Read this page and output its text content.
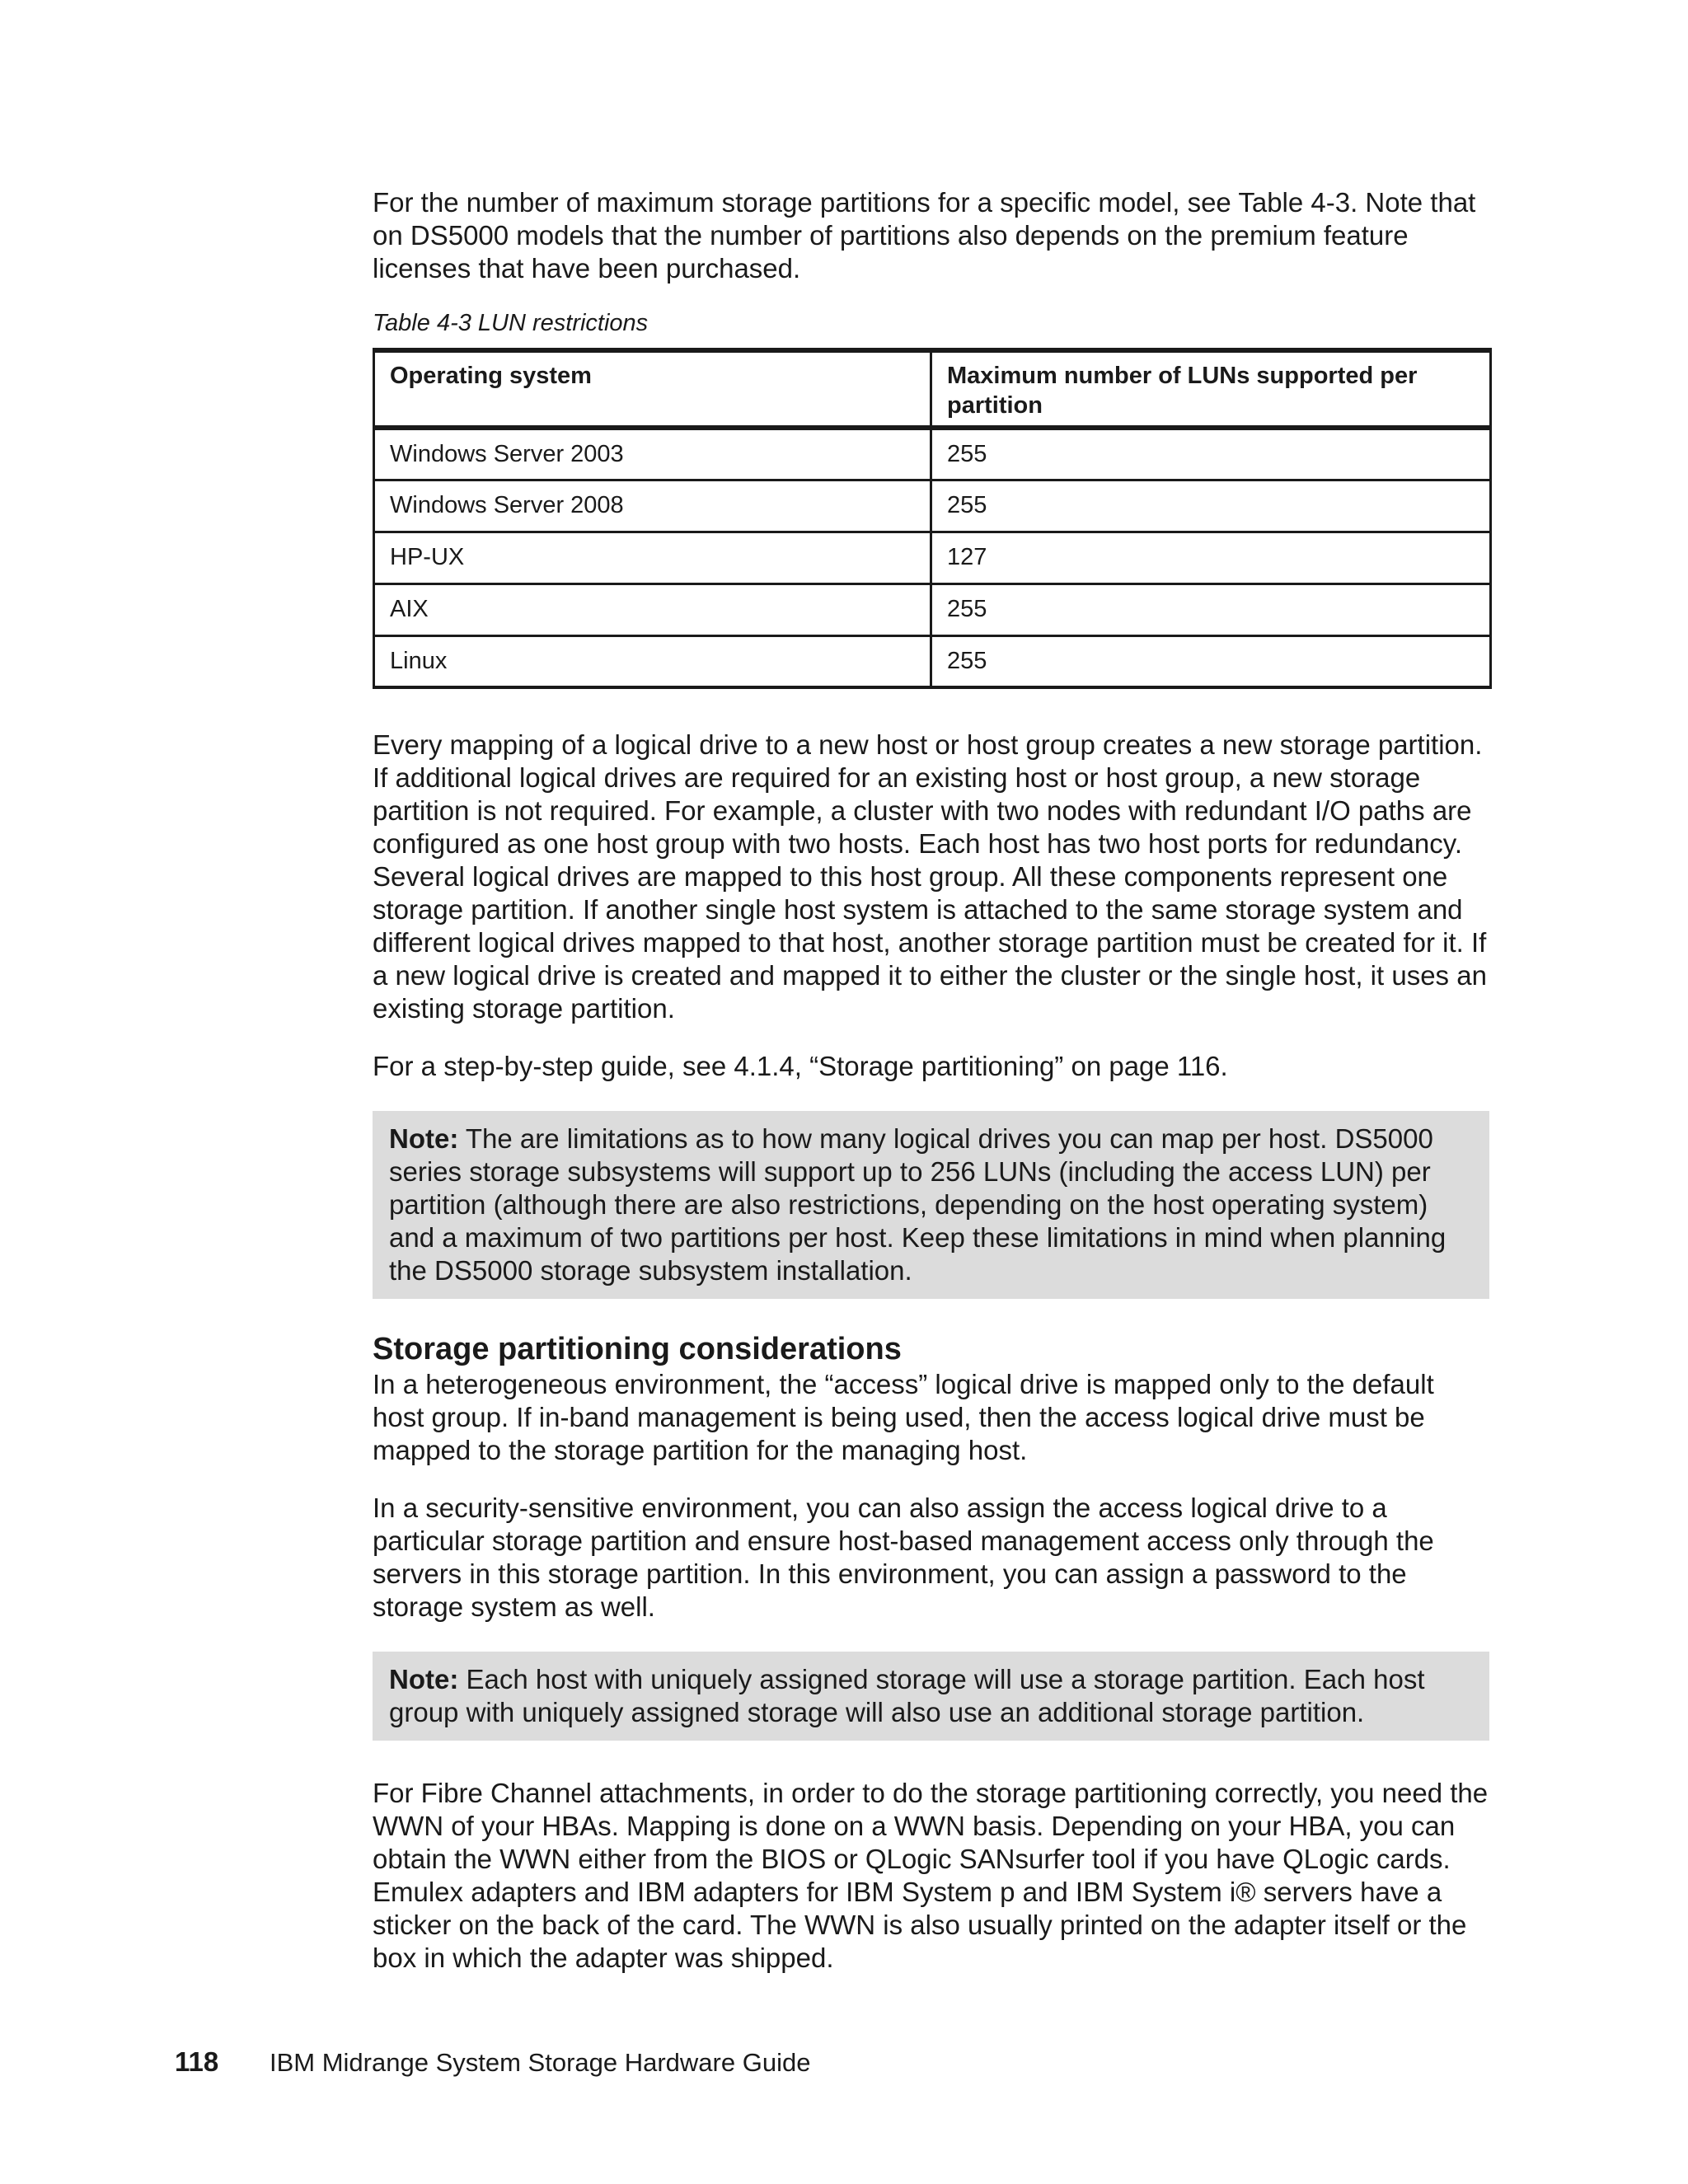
For the number of maximum storage partitions for a specific model, see Table 4-3. Note that on DS5000 models that the number of partitions also depends on the premium feature licenses that have been purchased.

Table 4-3 LUN restrictions

Operating system	Maximum number of LUNs supported per partition
Windows Server 2003	255
Windows Server 2008	255
HP-UX	127
AIX	255
Linux	255

Every mapping of a logical drive to a new host or host group creates a new storage partition. If additional logical drives are required for an existing host or host group, a new storage partition is not required. For example, a cluster with two nodes with redundant I/O paths are configured as one host group with two hosts. Each host has two host ports for redundancy. Several logical drives are mapped to this host group. All these components represent one storage partition. If another single host system is attached to the same storage system and different logical drives mapped to that host, another storage partition must be created for it. If a new logical drive is created and mapped it to either the cluster or the single host, it uses an existing storage partition.

For a step-by-step guide, see 4.1.4, “Storage partitioning” on page 116.

Note: The are limitations as to how many logical drives you can map per host. DS5000 series storage subsystems will support up to 256 LUNs (including the access LUN) per partition (although there are also restrictions, depending on the host operating system) and a maximum of two partitions per host. Keep these limitations in mind when planning the DS5000 storage subsystem installation.
Storage partitioning considerations

In a heterogeneous environment, the “access” logical drive is mapped only to the default host group. If in-band management is being used, then the access logical drive must be mapped to the storage partition for the managing host.

In a security-sensitive environment, you can also assign the access logical drive to a particular storage partition and ensure host-based management access only through the servers in this storage partition. In this environment, you can assign a password to the storage system as well.

Note: Each host with uniquely assigned storage will use a storage partition. Each host group with uniquely assigned storage will also use an additional storage partition.

For Fibre Channel attachments, in order to do the storage partitioning correctly, you need the WWN of your HBAs. Mapping is done on a WWN basis. Depending on your HBA, you can obtain the WWN either from the BIOS or QLogic SANsurfer tool if you have QLogic cards. Emulex adapters and IBM adapters for IBM System p and IBM System i® servers have a sticker on the back of the card. The WWN is also usually printed on the adapter itself or the box in which the adapter was shipped.

118 IBM Midrange System Storage Hardware Guide
